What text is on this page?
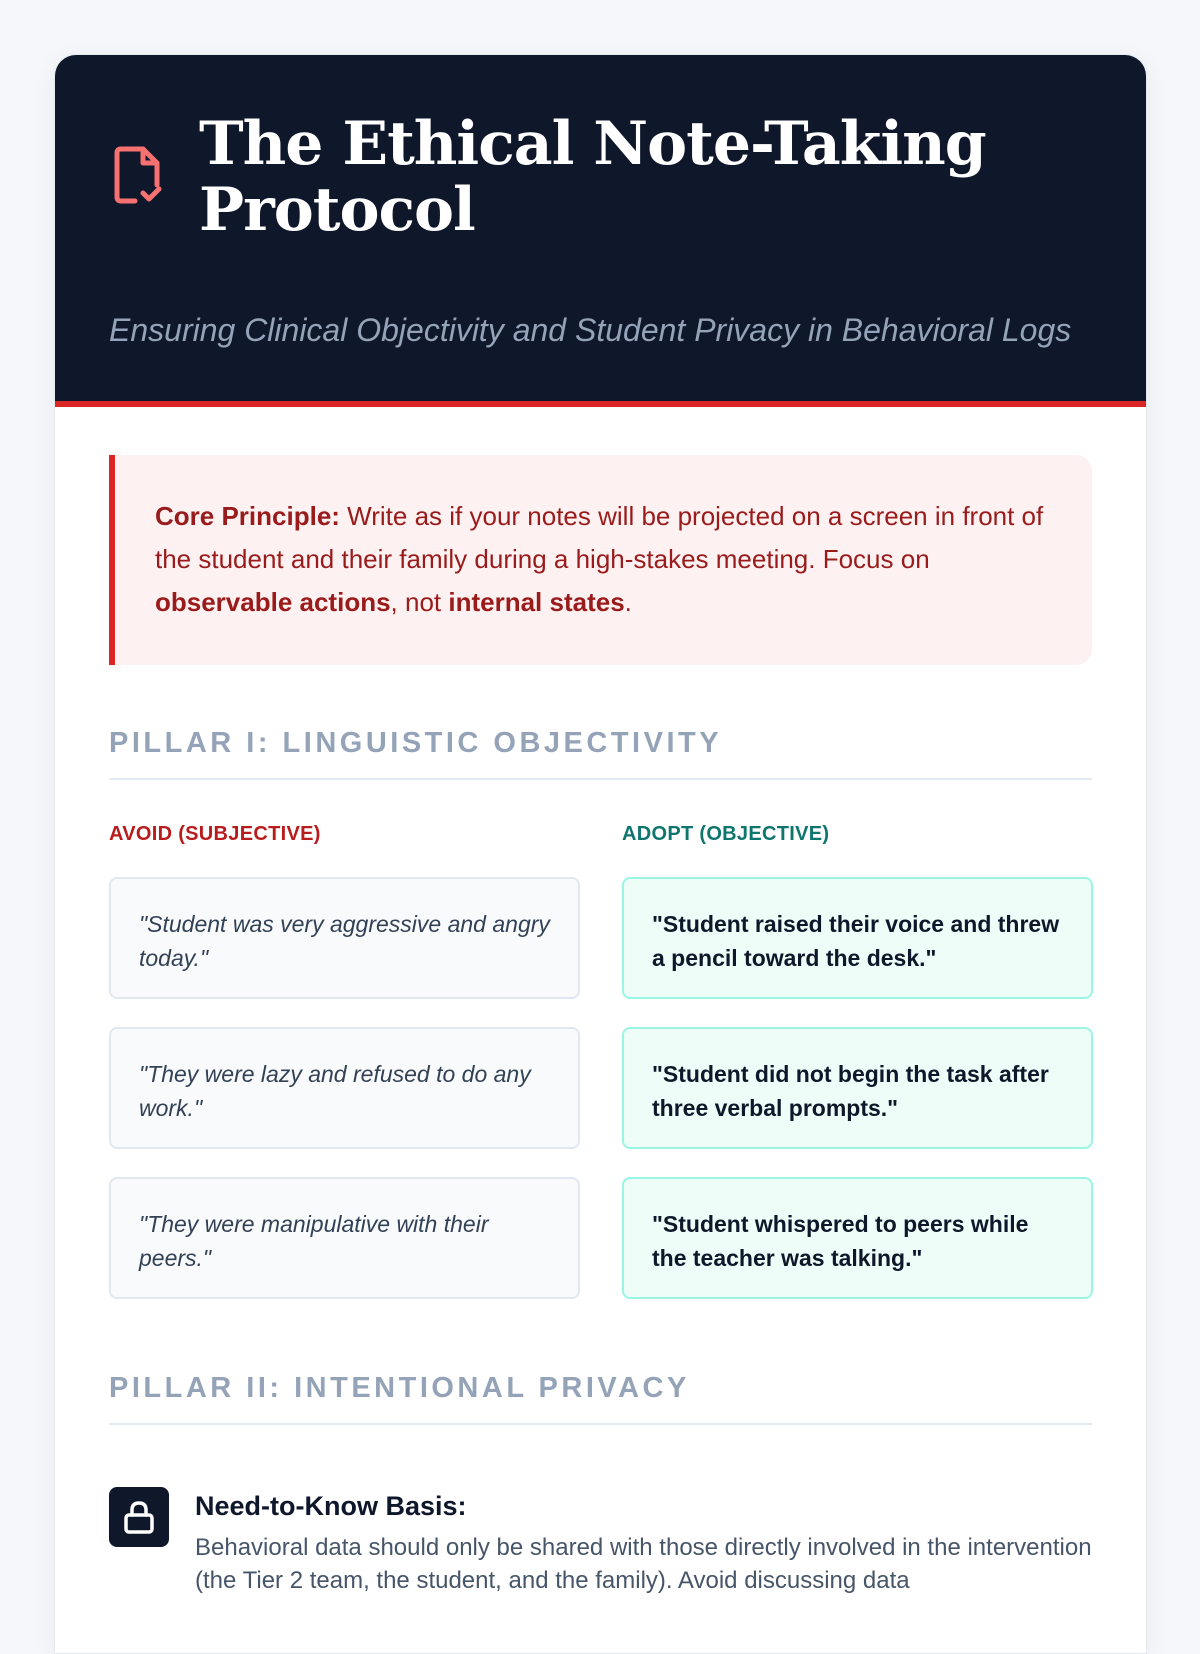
The Ethical Note-Taking Protocol
Ensuring Clinical Objectivity and Student Privacy in Behavioral Logs
Core Principle: Write as if your notes will be projected on a screen in front of the student and their family during a high-stakes meeting. Focus on observable actions, not internal states.
PILLAR I: LINGUISTIC OBJECTIVITY
AVOID (SUBJECTIVE)	ADOPT (OBJECTIVE)
"Student was very aggressive and angry today."
"Student raised their voice and threw a pencil toward the desk."
"They were lazy and refused to do any work."
"Student did not begin the task after three verbal prompts."
"They were manipulative with their peers."
"Student whispered to peers while the teacher was talking."
PILLAR II: INTENTIONAL PRIVACY
Need-to-Know Basis:
Behavioral data should only be shared with those directly involved in the intervention (the Tier 2 team, the student, and the family). Avoid discussing data
